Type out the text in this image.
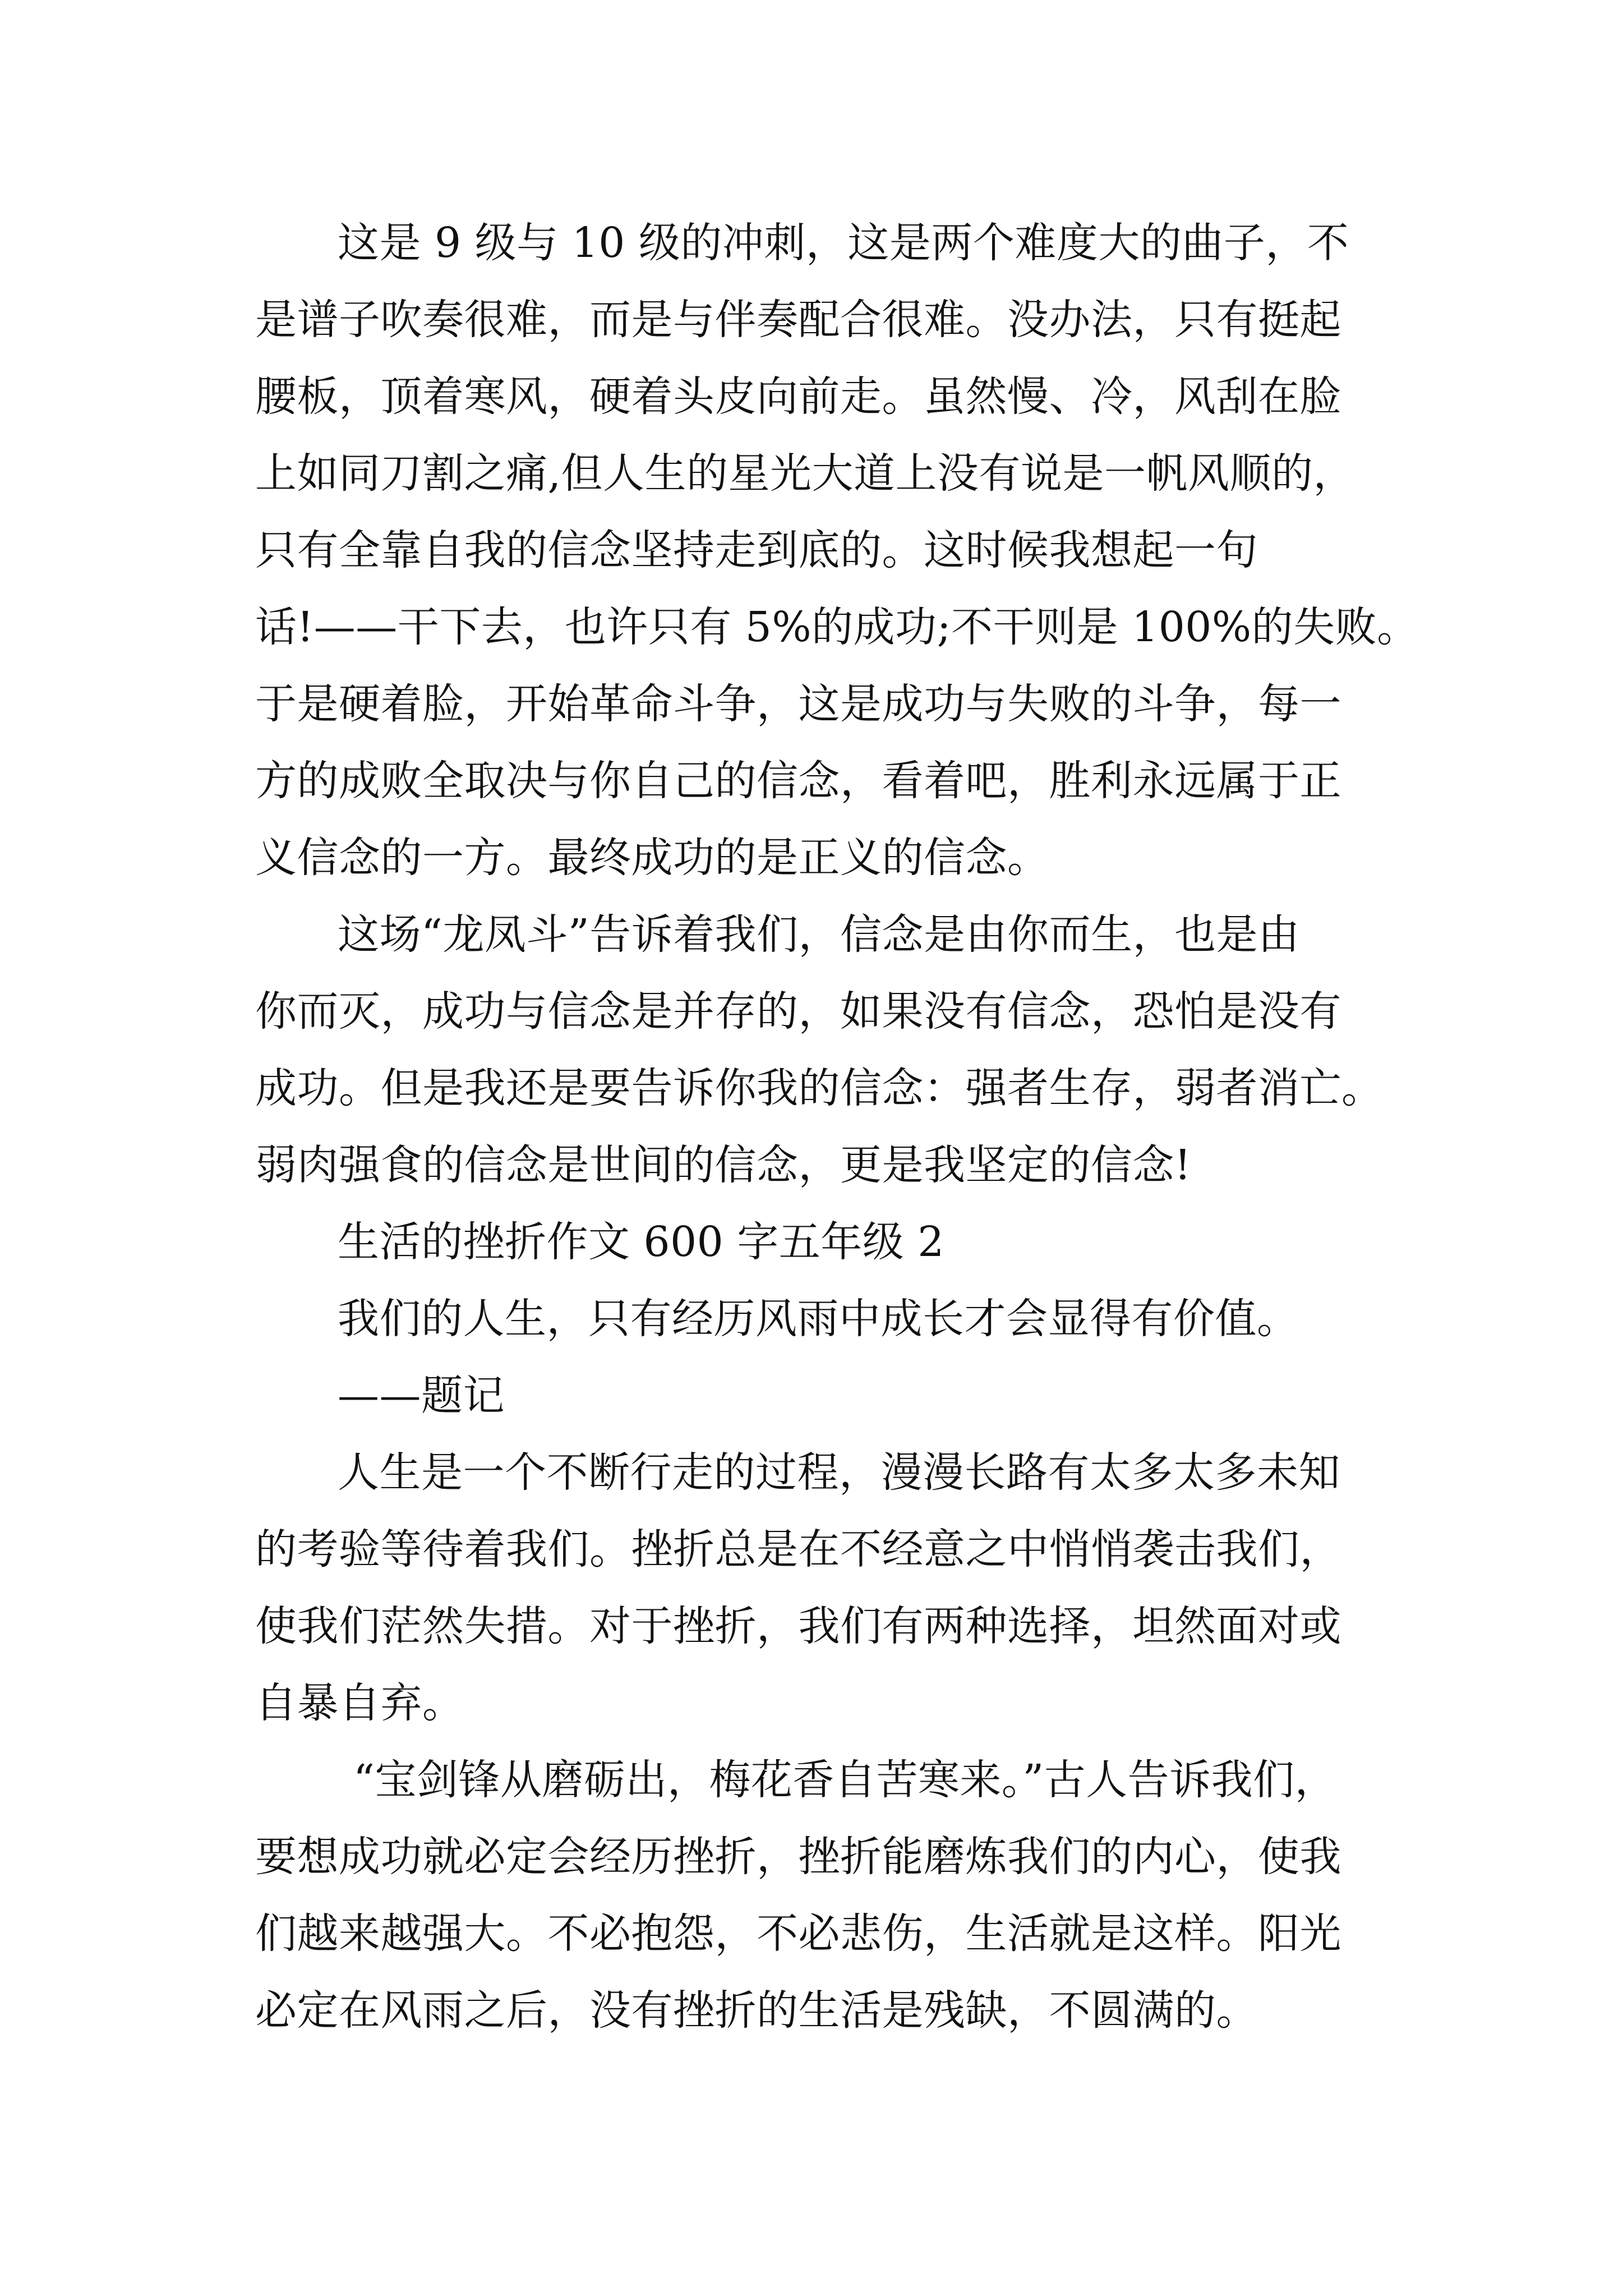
这是 9 级与 10 级的冲刺，这是两个难度大的曲子，不
是谱子吹奏很难，而是与伴奏配合很难。没办法，只有挺起
腰板，顶着寒风，硬着头皮向前走。虽然慢、冷，风刮在脸
上如同刀割之痛,但人生的星光大道上没有说是一帆风顺的，
只有全靠自我的信念坚持走到底的。这时候我想起一句
话!——干下去，也许只有 5%的成功;不干则是 100%的失败。
于是硬着脸，开始革命斗争，这是成功与失败的斗争，每一
方的成败全取决与你自己的信念，看着吧，胜利永远属于正
义信念的一方。最终成功的是正义的信念。
这场“龙凤斗”告诉着我们，信念是由你而生，也是由
你而灭，成功与信念是并存的，如果没有信念，恐怕是没有
成功。但是我还是要告诉你我的信念：强者生存，弱者消亡。
弱肉强食的信念是世间的信念，更是我坚定的信念!
生活的挫折作文 600 字五年级 2
我们的人生，只有经历风雨中成长才会显得有价值。
——题记
人生是一个不断行走的过程，漫漫长路有太多太多未知
的考验等待着我们。挫折总是在不经意之中悄悄袭击我们，
使我们茫然失措。对于挫折，我们有两种选择，坦然面对或
自暴自弃。
“宝剑锋从磨砺出，梅花香自苦寒来。”古人告诉我们，
要想成功就必定会经历挫折，挫折能磨炼我们的内心，使我
们越来越强大。不必抱怨，不必悲伤，生活就是这样。阳光
必定在风雨之后，没有挫折的生活是残缺，不圆满的。
